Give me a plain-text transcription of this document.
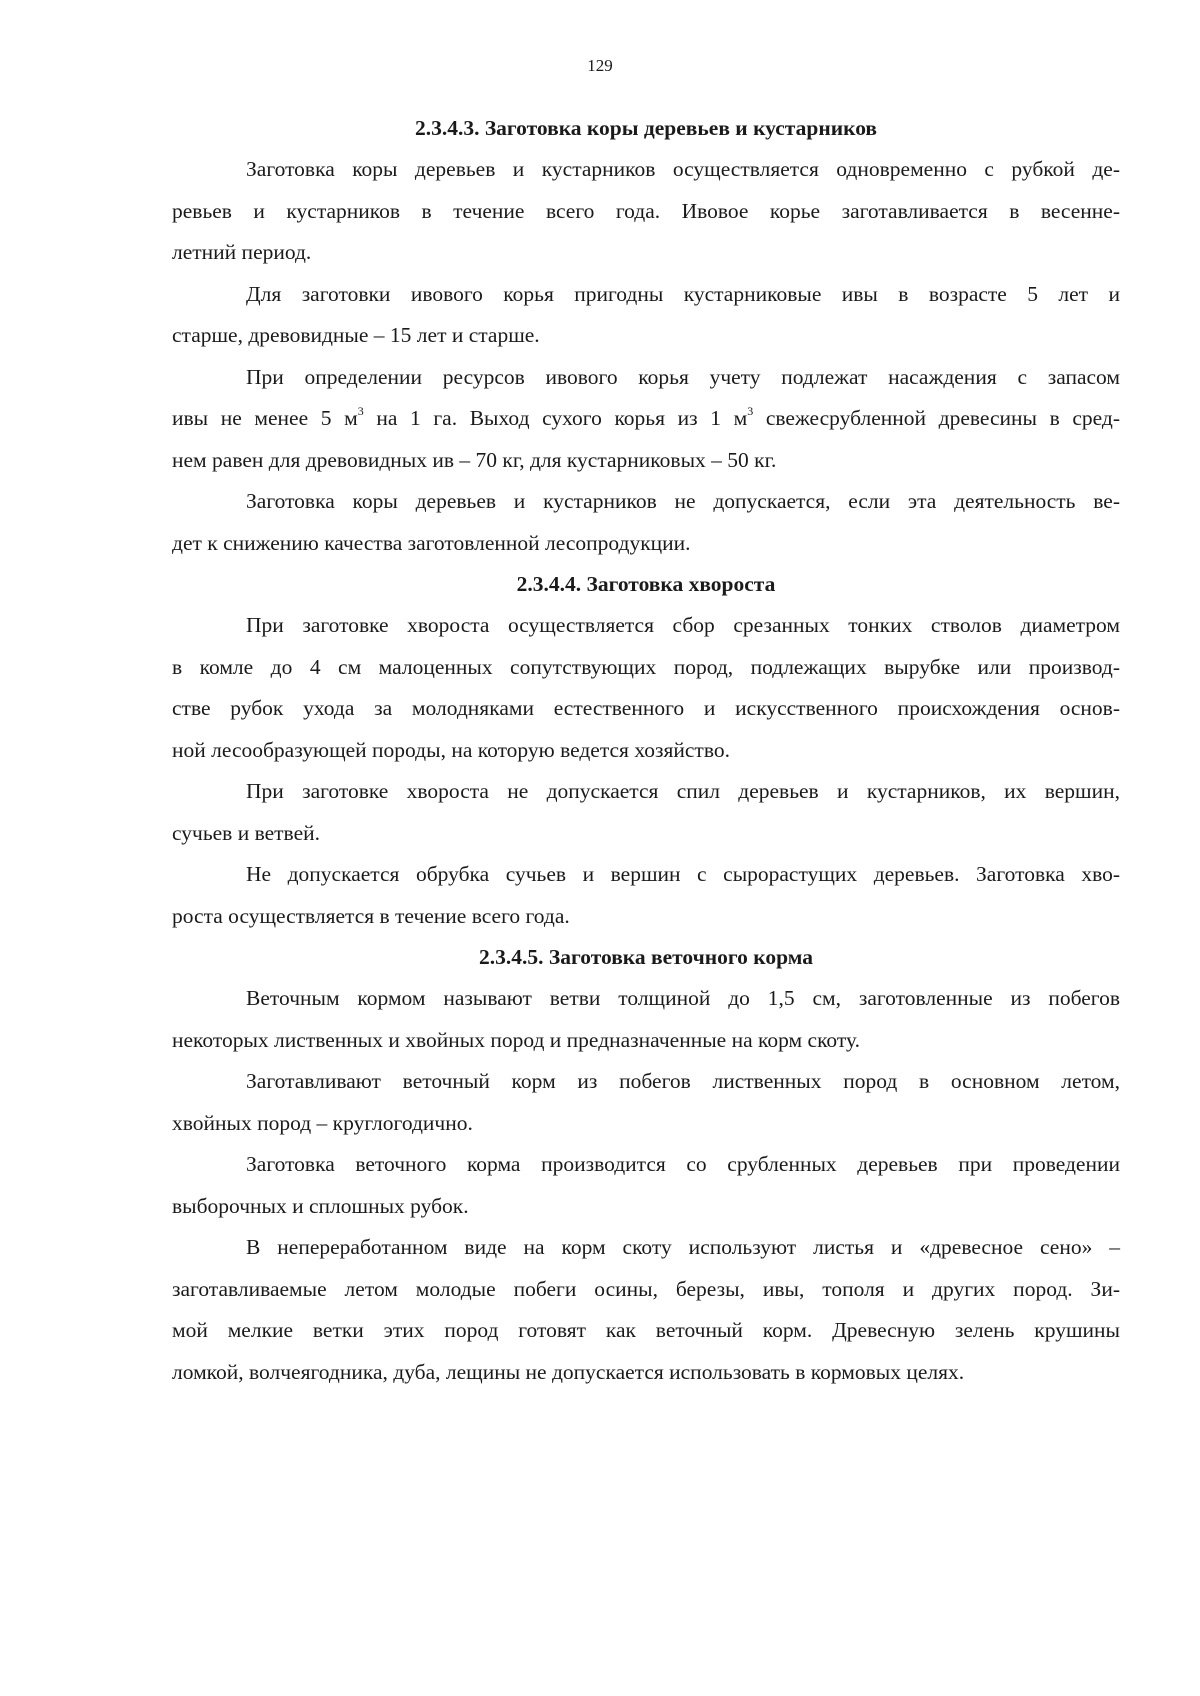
129

2.3.4.3. Заготовка коры деревьев и кустарников

Заготовка коры деревьев и кустарников осуществляется одновременно с рубкой де-
ревьев и кустарников в течение всего года. Ивовое корье заготавливается в весенне-
летний период.

Для заготовки ивового корья пригодны кустарниковые ивы в возрасте 5 лет и
старше, древовидные – 15 лет и старше.

При определении ресурсов ивового корья учету подлежат насаждения с запасом
ивы не менее 5 $м^3$ на 1 га. Выход сухого корья из 1 $м^3$ свежесрубленной древесины в сред-
нем равен для древовидных ив – 70 кг, для кустарниковых – 50 кг.

Заготовка коры деревьев и кустарников не допускается, если эта деятельность ве-
дет к снижению качества заготовленной лесопродукции.

2.3.4.4. Заготовка хвороста

При заготовке хвороста осуществляется сбор срезанных тонких стволов диаметром
в комле до 4 см малоценных сопутствующих пород, подлежащих вырубке или производ-
стве рубок ухода за молодняками естественного и искусственного происхождения основ-
ной лесообразующей породы, на которую ведется хозяйство.

При заготовке хвороста не допускается спил деревьев и кустарников, их вершин,
сучьев и ветвей.

Не допускается обрубка сучьев и вершин с сырорастущих деревьев. Заготовка хво-
роста осуществляется в течение всего года.

2.3.4.5. Заготовка веточного корма

Веточным кормом называют ветви толщиной до 1,5 см, заготовленные из побегов
некоторых лиственных и хвойных пород и предназначенные на корм скоту.

Заготавливают веточный корм из побегов лиственных пород в основном летом,
хвойных пород – круглогодично.

Заготовка веточного корма производится со срубленных деревьев при проведении
выборочных и сплошных рубок.

В непереработанном виде на корм скоту используют листья и «древесное сено» –
заготавливаемые летом молодые побеги осины, березы, ивы, тополя и других пород. Зи-
мой мелкие ветки этих пород готовят как веточный корм. Древесную зелень крушины
ломкой, волчеягодника, дуба, лещины не допускается использовать в кормовых целях.
